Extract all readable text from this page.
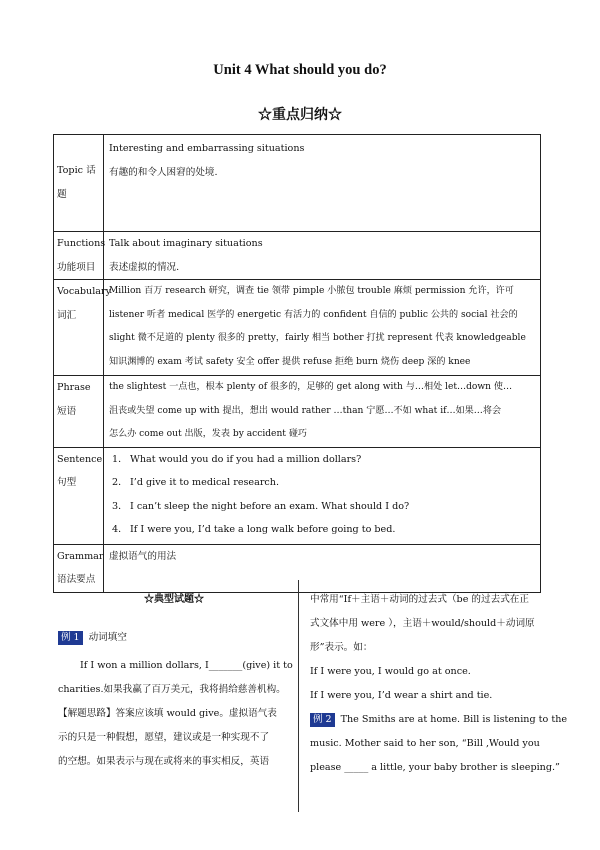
Unit 4 What should you do?
☆重点归纳☆
Topic 话题	Interesting and embarrassing situations
有趣的和令人困窘的处境.

Functions
功能项目	Talk about imaginary situations
表述虚拟的情况.

Vocabulary
词汇	Million 百万 research 研究，调查 tie 领带 pimple 小脓包 trouble 麻烦 permission 允许，许可
listener 听者 medical 医学的 energetic 有活力的 confident 自信的 public 公共的 social 社会的
slight 微不足道的 plenty 很多的 pretty，fairly 相当 bother 打扰 represent 代表 knowledgeable
知识渊博的 exam 考试 safety 安全 offer 提供 refuse 拒绝 burn 烧伤 deep 深的 knee

Phrase
短语	the slightest 一点也，根本 plenty of 很多的，足够的 get along with 与…相处 let…down 使…
沮丧或失望 come up with 提出，想出 would rather …than 宁愿…不如 what if…如果…将会
怎么办 come out 出版，发表 by accident 碰巧

Sentence
句型	1． What would you do if you had a million dollars?
2． I’d give it to medical research.
3． I can’t sleep the night before an exam. What should I do?
4． If I were you, I’d take a long walk before going to bed.

Grammar
语法要点	虚拟语气的用法
☆典型试题☆
例 1 动词填空
If I won a million dollars, I_______(give) it to
charities.如果我赢了百万美元，我将捐给慈善机构。
【解题思路】答案应该填 would give。虚拟语气表
示的只是一种假想，愿望，建议或是一种实现不了
的空想。如果表示与现在或将来的事实相反，英语
中常用“If＋主语＋动词的过去式（be 的过去式在正
式文体中用 were ），主语＋would/should＋动词原
形”表示。如：
If I were you, I would go at once.
If I were you, I’d wear a shirt and tie.
例 2 The Smiths are at home. Bill is listening to the
music. Mother said to her son, “Bill ,Would you
please _____ a little, your baby brother is sleeping.”
